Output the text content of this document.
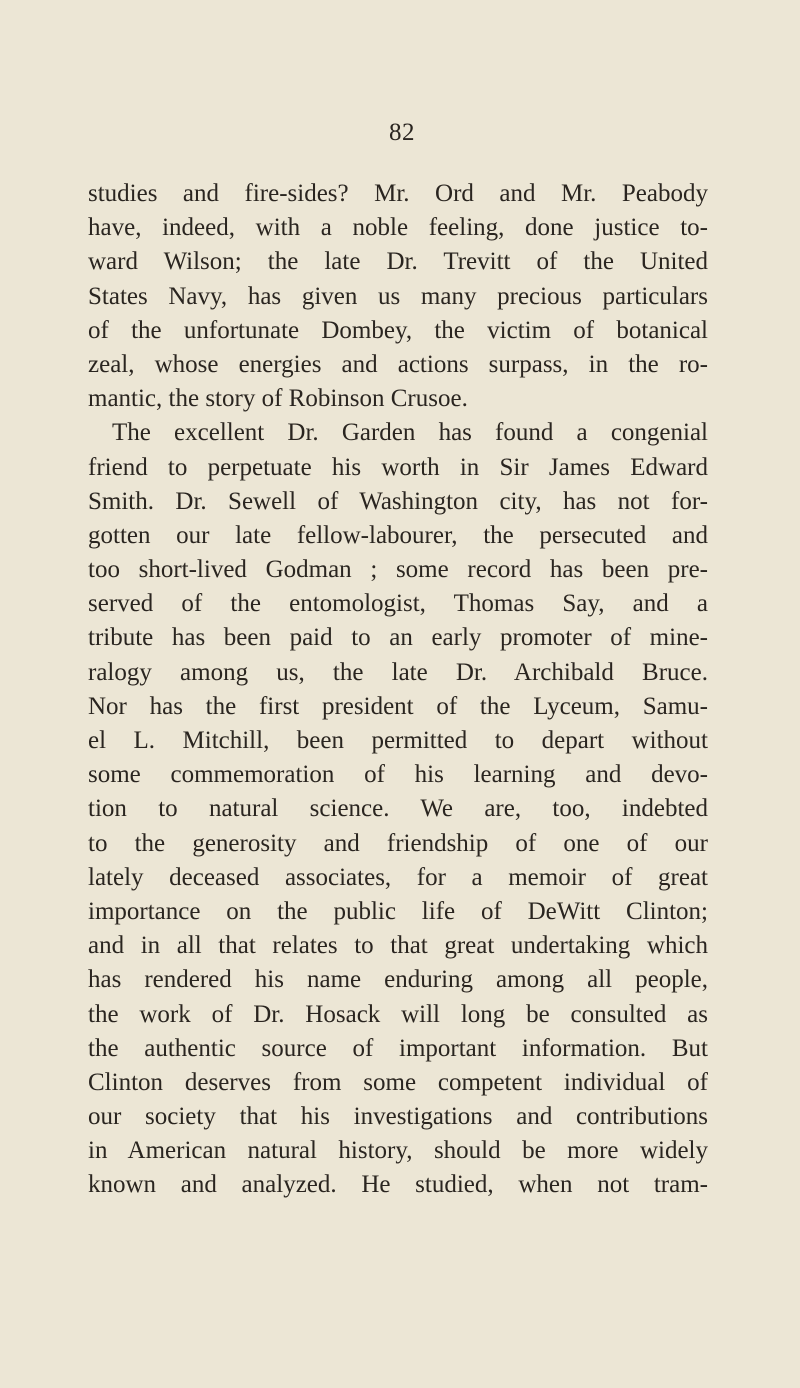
82
studies and fire-sides? Mr. Ord and Mr. Peabody
have, indeed, with a noble feeling, done justice to-
ward Wilson; the late Dr. Trevitt of the United
States Navy, has given us many precious particulars
of the unfortunate Dombey, the victim of botanical
zeal, whose energies and actions surpass, in the ro-
mantic, the story of Robinson Crusoe.
The excellent Dr. Garden has found a congenial
friend to perpetuate his worth in Sir James Edward
Smith. Dr. Sewell of Washington city, has not for-
gotten our late fellow-labourer, the persecuted and
too short-lived Godman ; some record has been pre-
served of the entomologist, Thomas Say, and a
tribute has been paid to an early promoter of mine-
ralogy among us, the late Dr. Archibald Bruce.
Nor has the first president of the Lyceum, Samu-
el L. Mitchill, been permitted to depart without
some commemoration of his learning and devo-
tion to natural science. We are, too, indebted
to the generosity and friendship of one of our
lately deceased associates, for a memoir of great
importance on the public life of DeWitt Clinton;
and in all that relates to that great undertaking which
has rendered his name enduring among all people,
the work of Dr. Hosack will long be consulted as
the authentic source of important information. But
Clinton deserves from some competent individual of
our society that his investigations and contributions
in American natural history, should be more widely
known and analyzed. He studied, when not tram-
